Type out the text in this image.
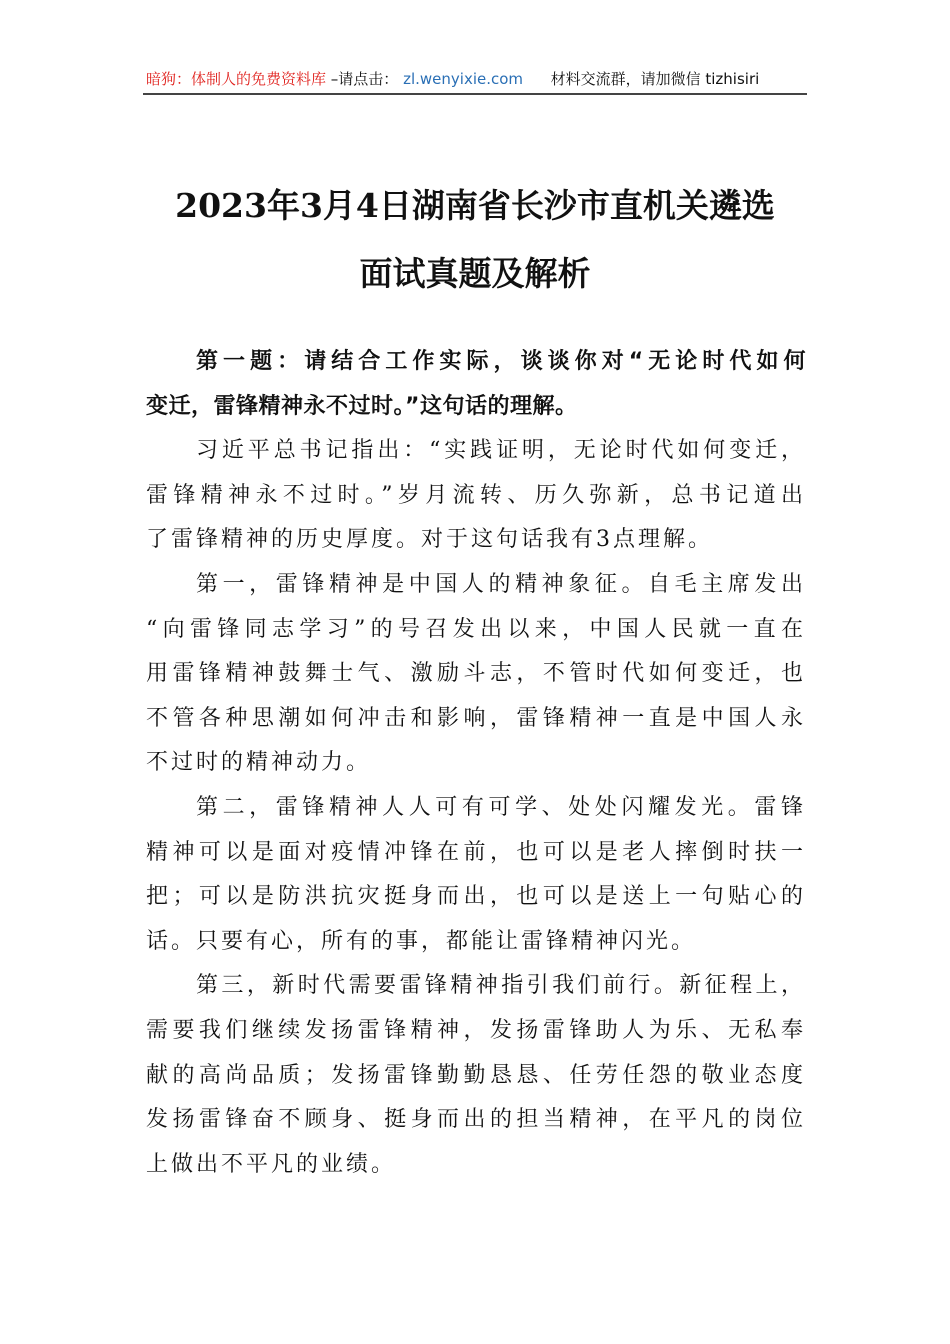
暗狗：体制人的免费资料库 –请点击： zl.wenyixie.com 材料交流群，请加微信 tizhisiri
2023年3月4日湖南省长沙市直机关遴选
面试真题及解析
第一题：请结合工作实际，谈谈你对“无论时代如何
变迁，雷锋精神永不过时。”这句话的理解。
习近平总书记指出：“实践证明，无论时代如何变迁，
雷锋精神永不过时。”岁月流转、历久弥新，总书记道出
了雷锋精神的历史厚度。对于这句话我有3点理解。
第一，雷锋精神是中国人的精神象征。自毛主席发出
“向雷锋同志学习”的号召发出以来，中国人民就一直在
用雷锋精神鼓舞士气、激励斗志，不管时代如何变迁，也
不管各种思潮如何冲击和影响，雷锋精神一直是中国人永
不过时的精神动力。
第二，雷锋精神人人可有可学、处处闪耀发光。雷锋
精神可以是面对疫情冲锋在前，也可以是老人摔倒时扶一
把；可以是防洪抗灾挺身而出，也可以是送上一句贴心的
话。只要有心，所有的事，都能让雷锋精神闪光。
第三，新时代需要雷锋精神指引我们前行。新征程上，
需要我们继续发扬雷锋精神，发扬雷锋助人为乐、无私奉
献的高尚品质；发扬雷锋勤勤恳恳、任劳任怨的敬业态度
发扬雷锋奋不顾身、挺身而出的担当精神，在平凡的岗位
上做出不平凡的业绩。
